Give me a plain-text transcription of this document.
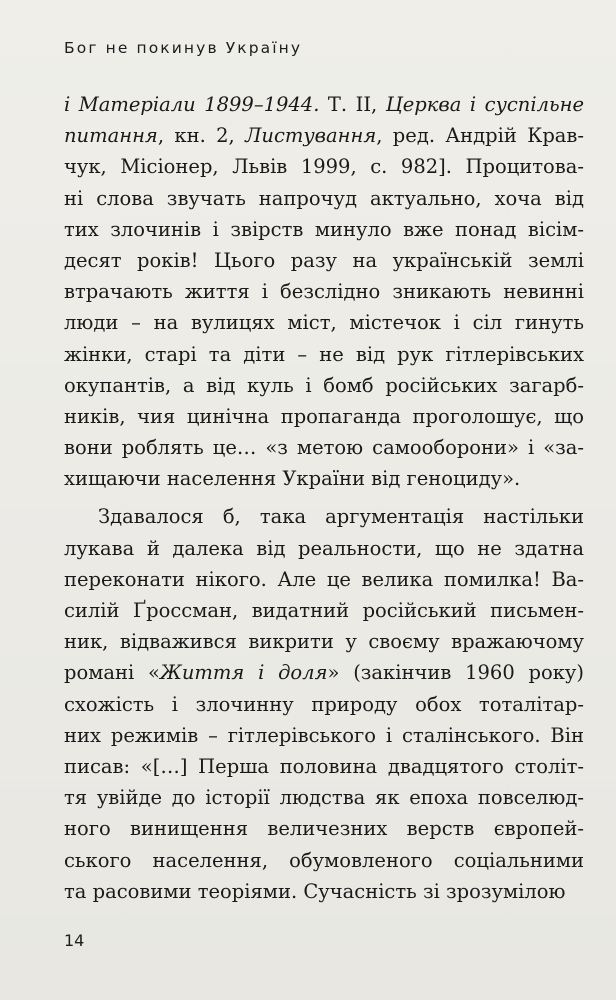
Бог не покинув Україну
і Матеріали 1899–1944. Т. ІІ, Церква і суспільне
питання, кн. 2, Листування, ред. Андрій Крав-
чук, Місіонер, Львів 1999, с. 982]. Процитова-
ні слова звучать напрочуд актуально, хоча від
тих злочинів і звірств минуло вже понад вісім-
десят років! Цього разу на українській землі
втрачають життя і безслідно зникають невинні
люди – на вулицях міст, містечок і сіл гинуть
жінки, старі та діти – не від рук гітлерівських
окупантів, а від куль і бомб російських загарб-
ників, чия цинічна пропаганда проголошує, що
вони роблять це… «з метою самооборони» і «за-
хищаючи населення України від геноциду».
Здавалося б, така аргументація настільки
лукава й далека від реальности, що не здатна
переконати нікого. Але це велика помилка! Ва-
силій Ґроссман, видатний російський письмен-
ник, відважився викрити у своєму вражаючому
романі «Життя і доля» (закінчив 1960 року)
схожість і злочинну природу обох тоталітар-
них режимів – гітлерівського і сталінського. Він
писав: «[…] Перша половина двадцятого століт-
тя увійде до історії людства як епоха повселюд-
ного винищення величезних верств європей-
ського населення, обумовленого соціальними
та расовими теоріями. Сучасність зі зрозумілою
14
